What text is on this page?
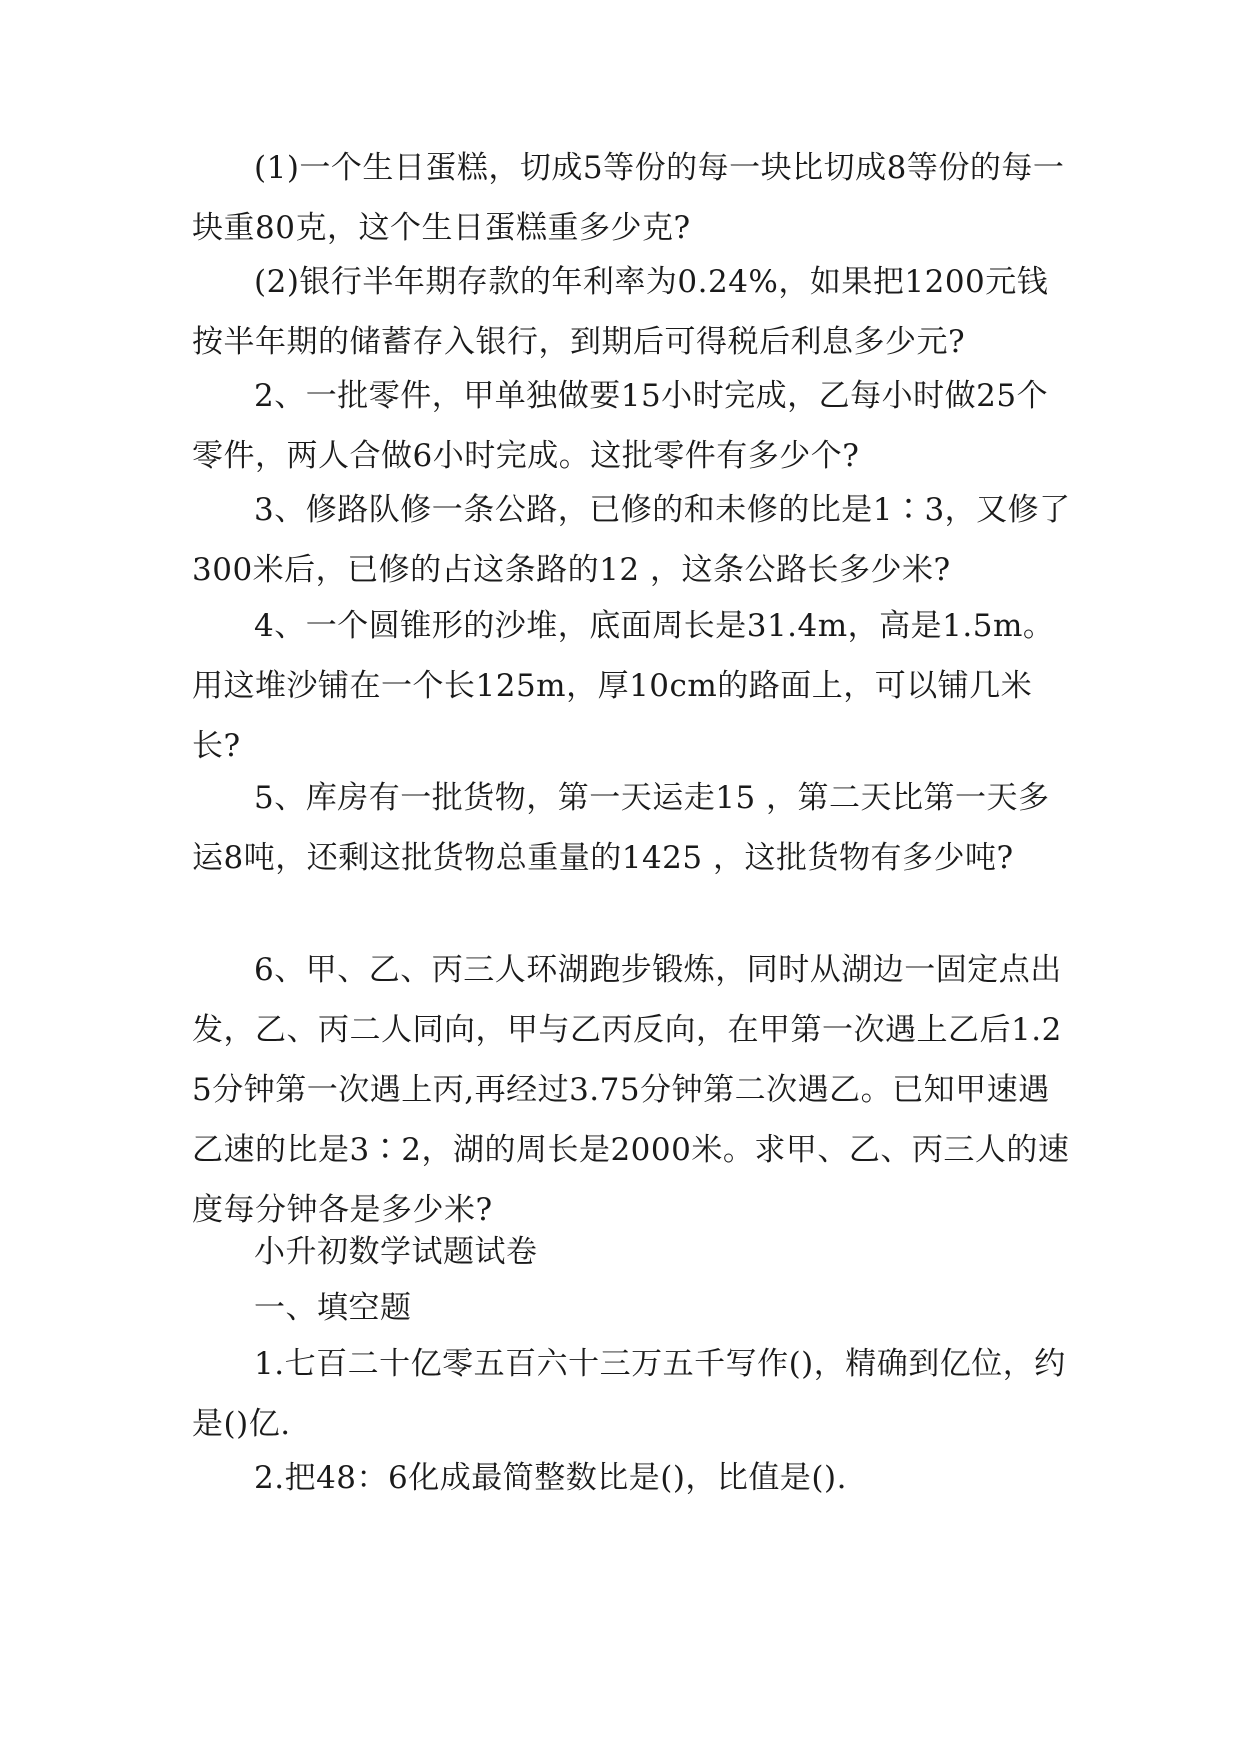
(1)一个生日蛋糕，切成5等份的每一块比切成8等份的每一块重80克，这个生日蛋糕重多少克?

(2)银行半年期存款的年利率为0.24%，如果把1200元钱按半年期的储蓄存入银行，到期后可得税后利息多少元?

2、一批零件，甲单独做要15小时完成，乙每小时做25个零件，两人合做6小时完成。这批零件有多少个?

3、修路队修一条公路，已修的和未修的比是1∶3，又修了300米后，已修的占这条路的12 ，这条公路长多少米?

4、一个圆锥形的沙堆，底面周长是31.4m，高是1.5m。用这堆沙铺在一个长125m，厚10cm的路面上，可以铺几米长?

5、库房有一批货物，第一天运走15 ，第二天比第一天多运8吨，还剩这批货物总重量的1425 ，这批货物有多少吨?

6、甲、乙、丙三人环湖跑步锻炼，同时从湖边一固定点出发，乙、丙二人同向，甲与乙丙反向，在甲第一次遇上乙后1.25分钟第一次遇上丙,再经过3.75分钟第二次遇乙。已知甲速遇乙速的比是3∶2，湖的周长是2000米。求甲、乙、丙三人的速度每分钟各是多少米?

小升初数学试题试卷

一、填空题

1.七百二十亿零五百六十三万五千写作()，精确到亿位，约是()亿.

2.把48：6化成最简整数比是()，比值是().
